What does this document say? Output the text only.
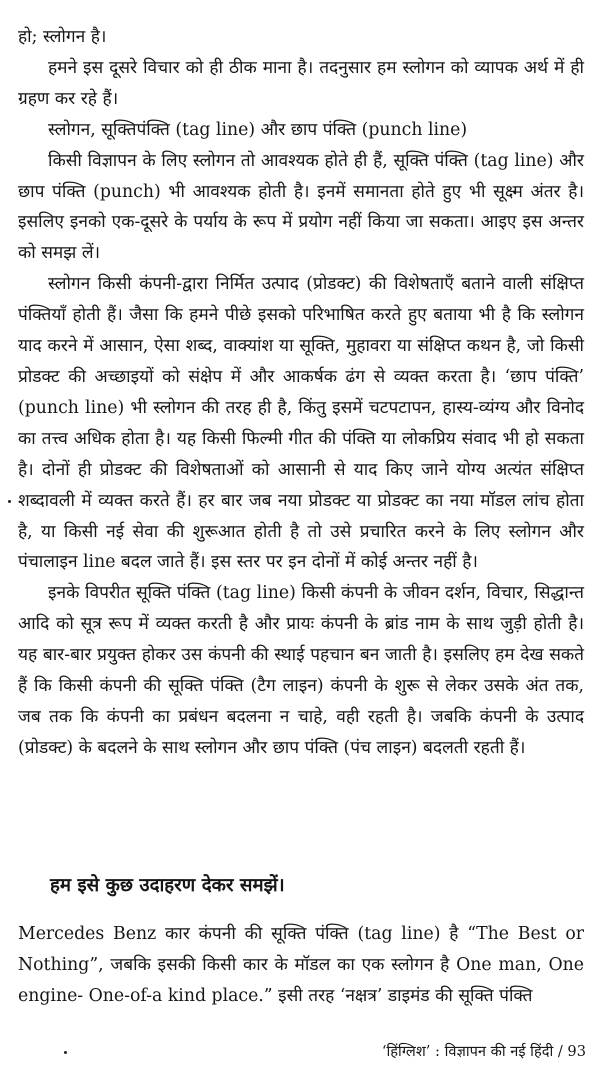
हो; स्लोगन है।

हमने इस दूसरे विचार को ही ठीक माना है। तदनुसार हम स्लोगन को व्यापक अर्थ में ही ग्रहण कर रहे हैं।

स्लोगन, सूक्तिपंक्ति (tag line) और छाप पंक्ति (punch line)

किसी विज्ञापन के लिए स्लोगन तो आवश्यक होते ही हैं, सूक्ति पंक्ति (tag line) और छाप पंक्ति (punch) भी आवश्यक होती है। इनमें समानता होते हुए भी सूक्ष्म अंतर है। इसलिए इनको एक-दूसरे के पर्याय के रूप में प्रयोग नहीं किया जा सकता। आइए इस अन्तर को समझ लें।

स्लोगन किसी कंपनी-द्वारा निर्मित उत्पाद (प्रोडक्ट) की विशेषताएँ बताने वाली संक्षिप्त पंक्तियाँ होती हैं। जैसा कि हमने पीछे इसको परिभाषित करते हुए बताया भी है कि स्लोगन याद करने में आसान, ऐसा शब्द, वाक्यांश या सूक्ति, मुहावरा या संक्षिप्त कथन है, जो किसी प्रोडक्ट की अच्छाइयों को संक्षेप में और आकर्षक ढंग से व्यक्त करता है। ‘छाप पंक्ति’ (punch line) भी स्लोगन की तरह ही है, किंतु इसमें चटपटापन, हास्य-व्यंग्य और विनोद का तत्त्व अधिक होता है। यह किसी फिल्मी गीत की पंक्ति या लोकप्रिय संवाद भी हो सकता है। दोनों ही प्रोडक्ट की विशेषताओं को आसानी से याद किए जाने योग्य अत्यंत संक्षिप्त शब्दावली में व्यक्त करते हैं। हर बार जब नया प्रोडक्ट या प्रोडक्ट का नया मॉडल लांच होता है, या किसी नई सेवा की शुरूआत होती है तो उसे प्रचारित करने के लिए स्लोगन और पंचालाइन line बदल जाते हैं। इस स्तर पर इन दोनों में कोई अन्तर नहीं है।

इनके विपरीत सूक्ति पंक्ति (tag line) किसी कंपनी के जीवन दर्शन, विचार, सिद्धान्त आदि को सूत्र रूप में व्यक्त करती है और प्रायः कंपनी के ब्रांड नाम के साथ जुड़ी होती है। यह बार-बार प्रयुक्त होकर उस कंपनी की स्थाई पहचान बन जाती है। इसलिए हम देख सकते हैं कि किसी कंपनी की सूक्ति पंक्ति (टैग लाइन) कंपनी के शुरू से लेकर उसके अंत तक, जब तक कि कंपनी का प्रबंधन बदलना न चाहे, वही रहती है। जबकि कंपनी के उत्पाद (प्रोडक्ट) के बदलने के साथ स्लोगन और छाप पंक्ति (पंच लाइन) बदलती रहती हैं।

हम इसे कुछ उदाहरण देकर समझें।
Mercedes Benz कार कंपनी की सूक्ति पंक्ति (tag line) है “The Best or Nothing”, जबकि इसकी किसी कार के मॉडल का एक स्लोगन है One man, One engine- One-of-a kind place.” इसी तरह ‘नक्षत्र’ डाइमंड की सूक्ति पंक्ति
‘हिंग्लिश’ : विज्ञापन की नई हिंदी / 93
